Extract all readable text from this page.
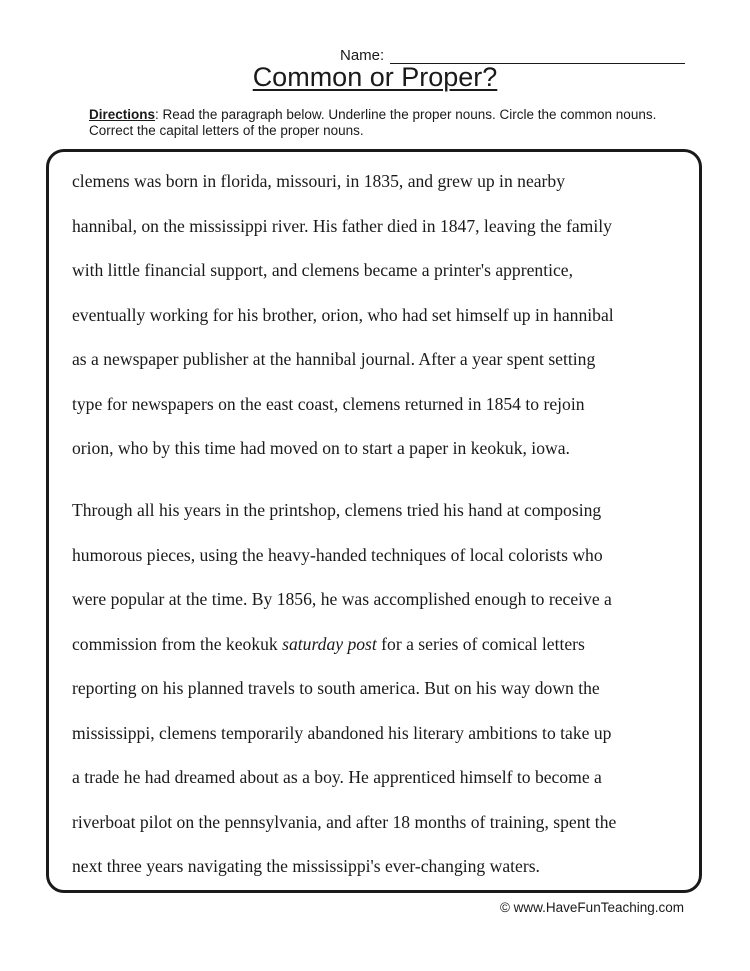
Name:
Common or Proper?
Directions: Read the paragraph below. Underline the proper nouns. Circle the common nouns. Correct the capital letters of the proper nouns.

clemens was born in florida, missouri, in 1835, and grew up in nearby
hannibal, on the mississippi river. His father died in 1847, leaving the family
with little financial support, and clemens became a printer's apprentice,
eventually working for his brother, orion, who had set himself up in hannibal
as a newspaper publisher at the hannibal journal. After a year spent setting
type for newspapers on the east coast, clemens returned in 1854 to rejoin
orion, who by this time had moved on to start a paper in keokuk, iowa.

Through all his years in the printshop, clemens tried his hand at composing
humorous pieces, using the heavy-handed techniques of local colorists who
were popular at the time. By 1856, he was accomplished enough to receive a
commission from the keokuk saturday post for a series of comical letters
reporting on his planned travels to south america. But on his way down the
mississippi, clemens temporarily abandoned his literary ambitions to take up
a trade he had dreamed about as a boy. He apprenticed himself to become a
riverboat pilot on the pennsylvania, and after 18 months of training, spent the
next three years navigating the mississippi's ever-changing waters.

© www.HaveFunTeaching.com
